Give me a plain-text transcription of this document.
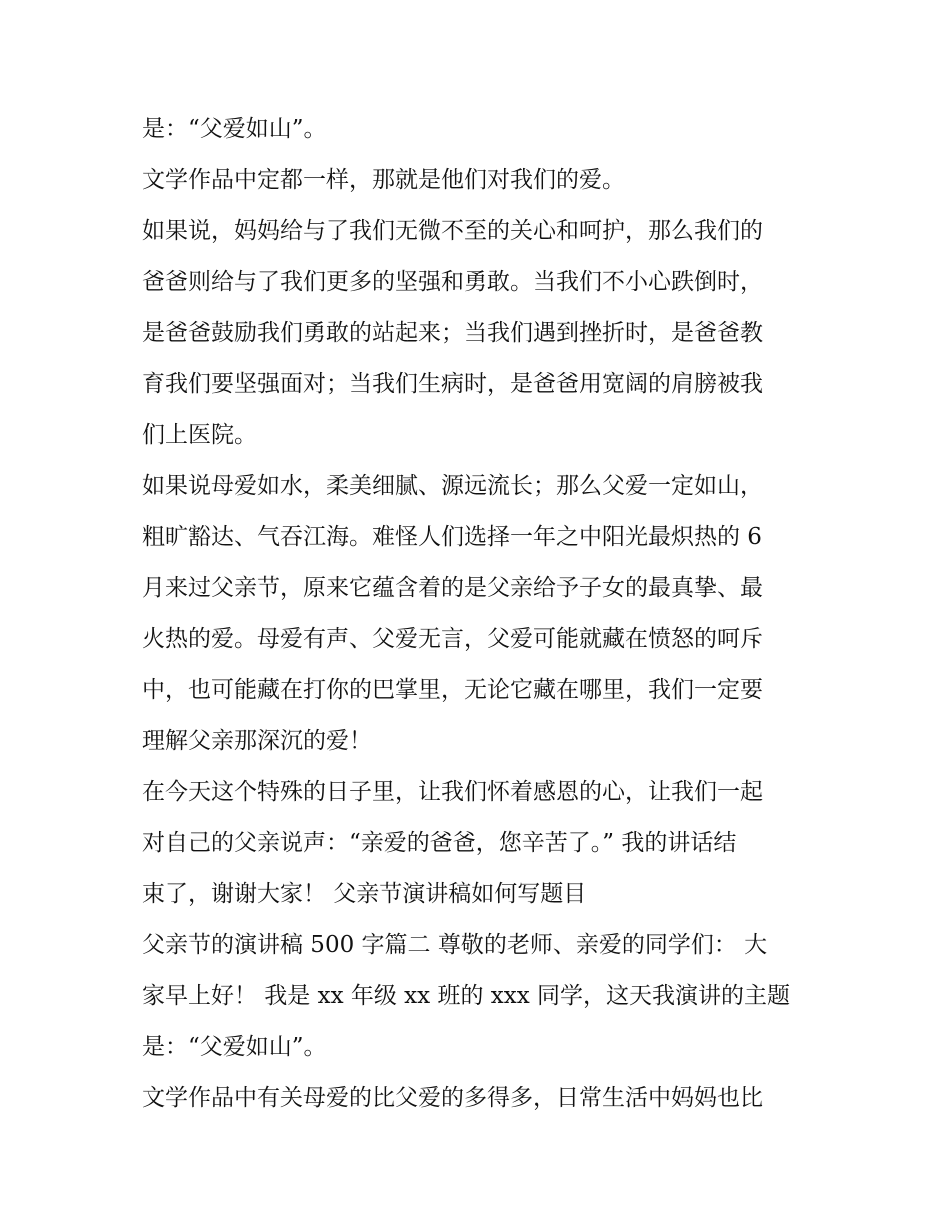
是：“父爱如山”。
文学作品中定都一样，那就是他们对我们的爱。
如果说，妈妈给与了我们无微不至的关心和呵护，那么我们的
爸爸则给与了我们更多的坚强和勇敢。当我们不小心跌倒时，
是爸爸鼓励我们勇敢的站起来；当我们遇到挫折时，是爸爸教
育我们要坚强面对；当我们生病时，是爸爸用宽阔的肩膀被我
们上医院。
如果说母爱如水，柔美细腻、源远流长；那么父爱一定如山，
粗旷豁达、气吞江海。难怪人们选择一年之中阳光最炽热的 6
月来过父亲节，原来它蕴含着的是父亲给予子女的最真挚、最
火热的爱。母爱有声、父爱无言，父爱可能就藏在愤怒的呵斥
中，也可能藏在打你的巴掌里，无论它藏在哪里，我们一定要
理解父亲那深沉的爱！
在今天这个特殊的日子里，让我们怀着感恩的心，让我们一起
对自己的父亲说声：“亲爱的爸爸，您辛苦了。” 我的讲话结
束了，谢谢大家！ 父亲节演讲稿如何写题目
父亲节的演讲稿 500 字篇二 尊敬的老师、亲爱的同学们： 大
家早上好！ 我是 xx 年级 xx 班的 xxx 同学，这天我演讲的主题
是：“父爱如山”。
文学作品中有关母爱的比父爱的多得多，日常生活中妈妈也比
